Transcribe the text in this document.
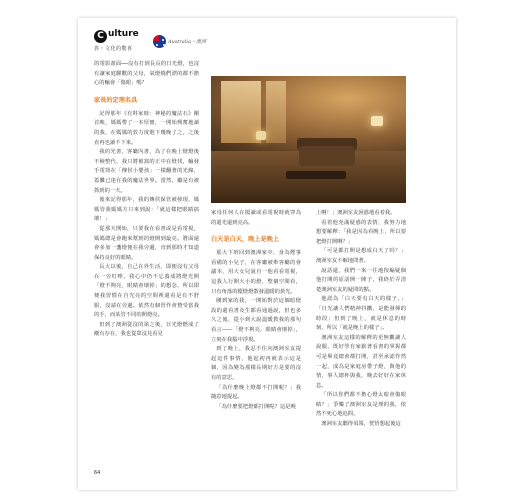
C ulture
異・文化的驚喜
Australia・澳洲

的電影畫面──沒有打到長長的日光燈，也沒有讓家庭聯歡的父母，氣燈燒們漂的都不擔心的輸會「傷眼」嗎？

家長的定理名具

記得那年《有料家時：神秘的魔法石》剛首映，媽媽帶了一本厚冊，一開始興奮地讀的我，在媽媽的敦力度勉下幾晚了之，之後直再也讀不下來。

我的光書，客廳內書，為了在晚上燈燈後不檢整代，我只將被窩的正中在燈找，輸發手電筒在「傳侯小嬰孩」一樣翻著的光線，蓋攤已達在我的魔法世界。當然，繼是有被抓到的一天。

後來記得那年，我的傳侯保管被發現，媽媽管我媽媽方只來到說：「就這樣把眼睛搞壞！」

從那天開始，只要我在看書或是看電視，媽媽總是會跑來幫到的燈開到最亮。將面還會多加一盞燈便在我旁邊，直到那時才知道保持良好的眼睛。

長大以後，自己在外生活，即便沒有父母在一旁叮嚀，我心中仍不忘養成將燈光開「燈不夠亮，眼睛會壞掉」的想念，所以即便我習慣在自光亮的空間裡還看是有不舒服，沒請在旁邊。依然有個習作會贊受當我的手，而某管不同的開燈亮。

但到了澳洲從沒的第之後，日光燈燃成了剛有存在，我也從眾沒見看見

家母任何人在閣讀或看電視時就穿為的還光還到亮高。

白天是白天，晚上是晚上

那大下班回到澳洲家中，身為煙事看備的小兒子，在客廳被牽客廳的會議本，用大女兒說自一他看看電視，這我人行開大小的燈，整個空間看，只有角落的檯燈燈散發溫暖的黃光。

剛到家的我，一開始對於這個暗燈設的還看書及生都看通過說，但也多久之後，從小到大說溫暖教我的那句看言——「燈不夠亮，眼睛會壞掉」，立刻在我腦中浮現。

到了晚上，我忍不住向澳洲室友提起這件事情，他起初再就表示這是個，因為變為那樣長期好方是要的沒有的意思。

「為什麼晚上燈都不打開呢？」我隨意地提起。

「為什麼要把燈都打開呢？這是晚

上啊！」澳洲室友困惑地看着我。

看着他充滿疑惑的表情，我努力地想要解釋：「我是因為看晚上，所以要把燈打開啊？」

「可是都打開是想成白天了吗？」澳洲室友不解地問著。

說話還，我們一來一往地按編疑個他打開的原話開一陣子，我終於弄清楚澳洲室友的疑問的點。

他認為「白天要有白天的樣子，」「日光讓人們精神抖擻，是能發揮的時段；但到了晚上，就是休息的時刻，所以「就是晚上的樣子」。

澳洲室友這樣的解釋的更無觀讓人說服，既好學有家偷著看書的掌握都可是畢竟總會都打開，甚至承認作然一起，成為是家庭房帶子燈，與他的情，事人總杯與我，晚去好好在家休息。

「所以你們都不擔心燈太暗會傷眼睛？」爭樂了澳洲室友是理的我，依然不死心地追問。

澳洲室友聽得須領，恍悟想起後這

64
